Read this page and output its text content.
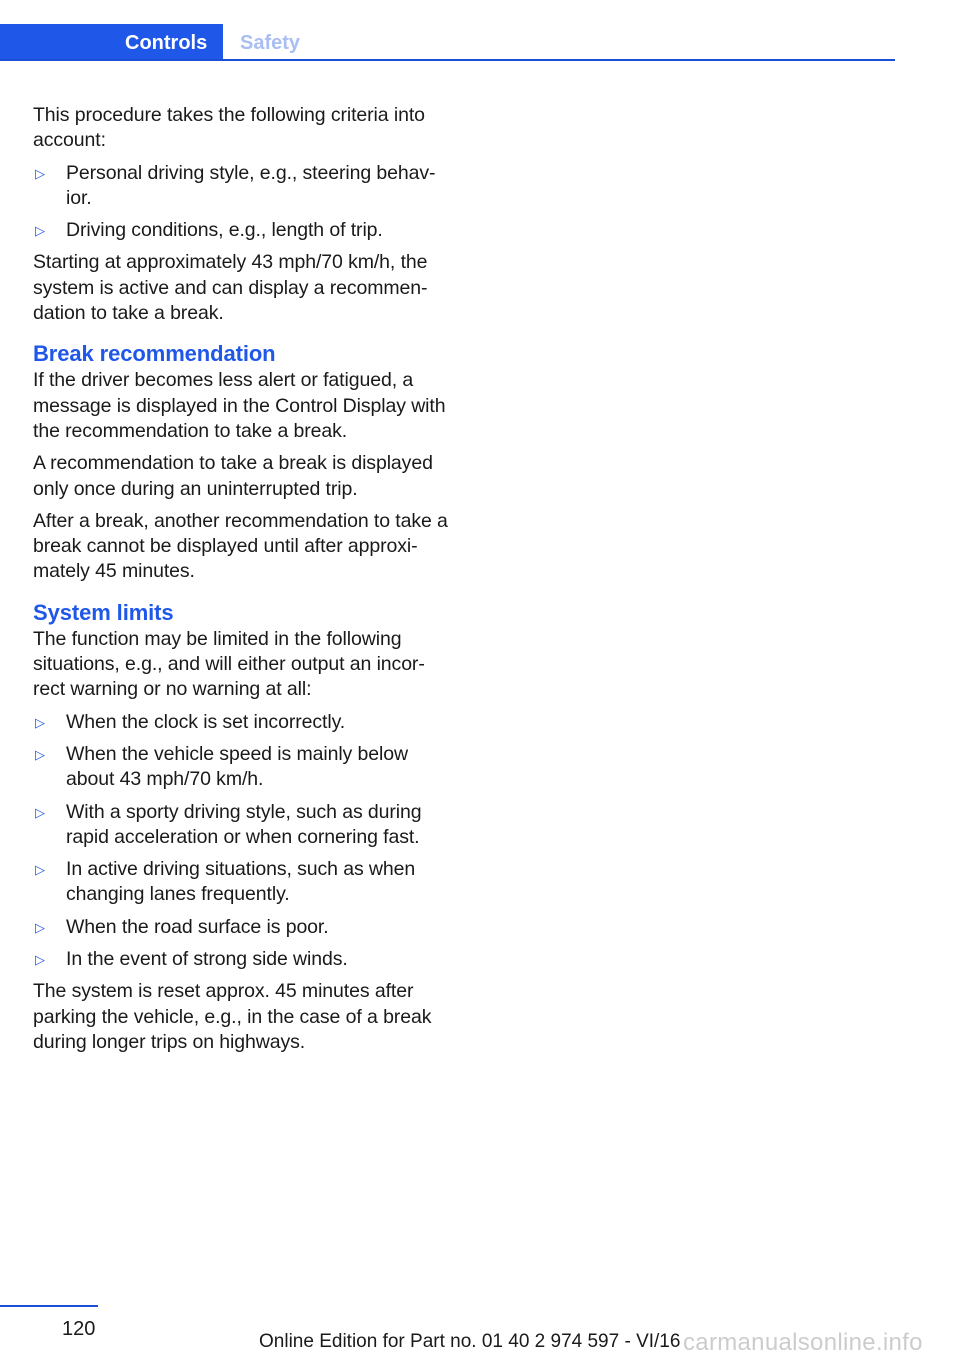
Controls	Safety

This procedure takes the following criteria into account:

▷ Personal driving style, e.g., steering behav‐ior.
▷ Driving conditions, e.g., length of trip.

Starting at approximately 43 mph/70 km/h, the system is active and can display a recommen‐dation to take a break.

Break recommendation

If the driver becomes less alert or fatigued, a message is displayed in the Control Display with the recommendation to take a break.

A recommendation to take a break is displayed only once during an uninterrupted trip.

After a break, another recommendation to take a break cannot be displayed until after approxi‐mately 45 minutes.

System limits

The function may be limited in the following situations, e.g., and will either output an incor‐rect warning or no warning at all:

▷ When the clock is set incorrectly.
▷ When the vehicle speed is mainly below about 43 mph/70 km/h.
▷ With a sporty driving style, such as during rapid acceleration or when cornering fast.
▷ In active driving situations, such as when changing lanes frequently.
▷ When the road surface is poor.
▷ In the event of strong side winds.

The system is reset approx. 45 minutes after parking the vehicle, e.g., in the case of a break during longer trips on highways.

120
Online Edition for Part no. 01 40 2 974 597 - VI/16 carmanualsonline.info
